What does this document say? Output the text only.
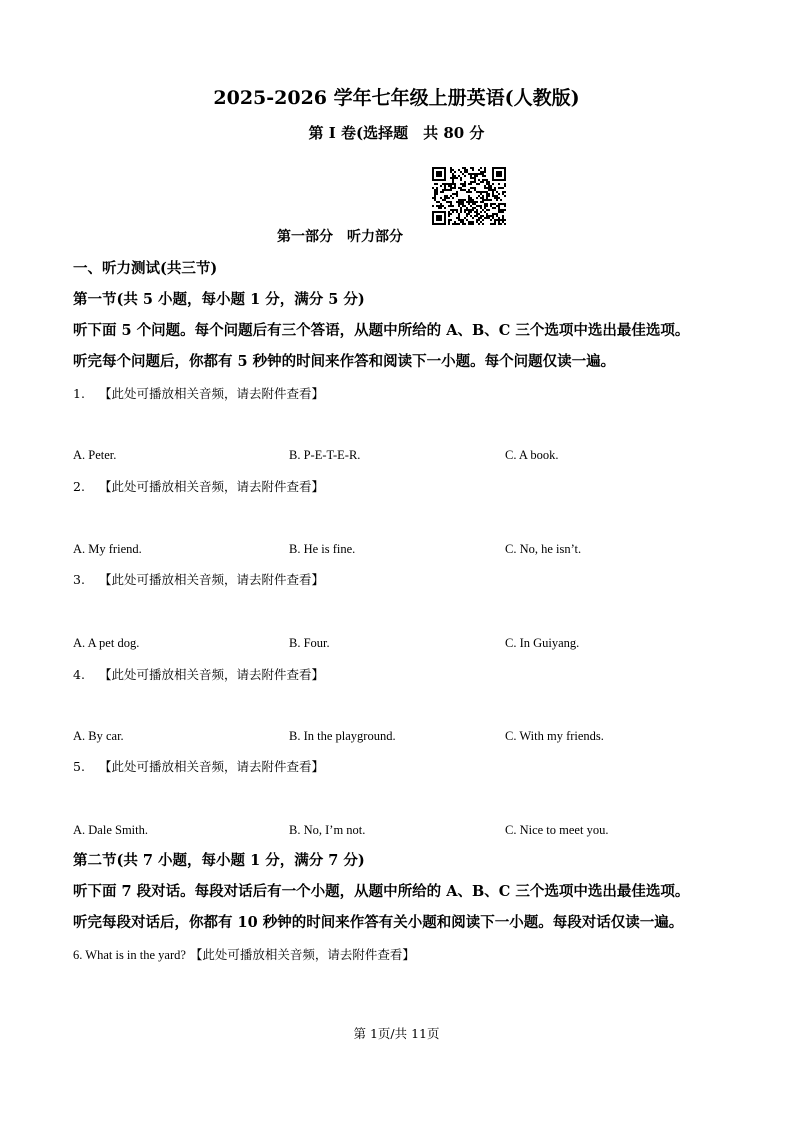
2025-2026 学年七年级上册英语(人教版)
第 I 卷(选择题　共 80 分
第一部分　听力部分
一、听力测试(共三节)
第一节(共 5 小题，每小题 1 分，满分 5 分)
听下面 5 个问题。每个问题后有三个答语，从题中所给的 A、B、C 三个选项中选出最佳选项。
听完每个问题后，你都有 5 秒钟的时间来作答和阅读下一小题。每个问题仅读一遍。
1. 【此处可播放相关音频，请去附件查看】
A. Peter.	B. P-E-T-E-R.	C. A book.
2. 【此处可播放相关音频，请去附件查看】
A. My friend.	B. He is fine.	C. No, he isn’t.
3. 【此处可播放相关音频，请去附件查看】
A. A pet dog.	B. Four.	C. In Guiyang.
4. 【此处可播放相关音频，请去附件查看】
A. By car.	B. In the playground.	C. With my friends.
5. 【此处可播放相关音频，请去附件查看】
A. Dale Smith.	B. No, I’m not.	C. Nice to meet you.
第二节(共 7 小题，每小题 1 分，满分 7 分)
听下面 7 段对话。每段对话后有一个小题，从题中所给的 A、B、C 三个选项中选出最佳选项。
听完每段对话后，你都有 10 秒钟的时间来作答有关小题和阅读下一小题。每段对话仅读一遍。
6. What is in the yard? 【此处可播放相关音频，请去附件查看】
第 1页/共 11页
